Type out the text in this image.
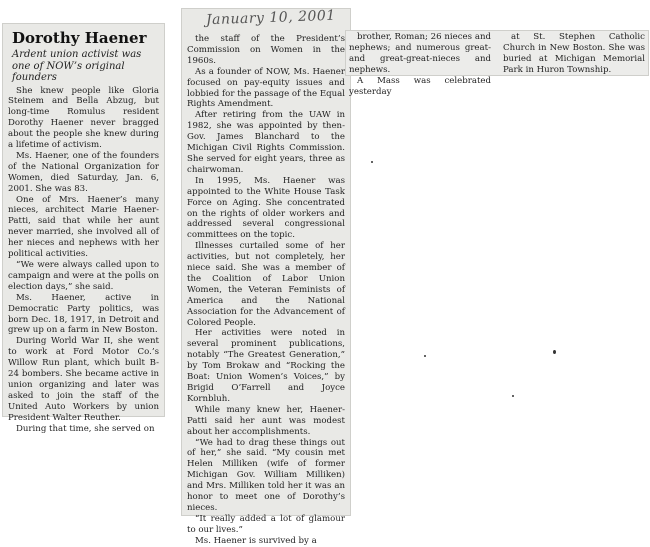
Dorothy Haener
Ardent union activist was one of NOW’s original founders

She knew people like Gloria Steinem and Bella Abzug, but long-time Romulus resident Dorothy Haener never bragged about the people she knew during a lifetime of activism.

Ms. Haener, one of the founders of the National Organization for Women, died Saturday, Jan. 6, 2001. She was 83.

One of Mrs. Haener’s many nieces, architect Marie Haener-Patti, said that while her aunt never married, she involved all of her nieces and nephews with her political activities.

“We were always called upon to campaign and were at the polls on election days,” she said.

Ms. Haener, active in Democratic Party politics, was born Dec. 18, 1917, in Detroit and grew up on a farm in New Boston.

During World War II, she went to work at Ford Motor Co.’s Willow Run plant, which built B-24 bombers. She became active in union organizing and later was asked to join the staff of the United Auto Workers by union President Walter Reuther.

During that time, she served on

the staff of the President’s Commission on Women in the 1960s.

As a founder of NOW, Ms. Haener focused on pay-equity issues and lobbied for the passage of the Equal Rights Amendment.

After retiring from the UAW in 1982, she was appointed by then-Gov. James Blanchard to the Michigan Civil Rights Commission. She served for eight years, three as chairwoman.

In 1995, Ms. Haener was appointed to the White House Task Force on Aging. She concentrated on the rights of older workers and addressed several congressional committees on the topic.

Illnesses curtailed some of her activities, but not completely, her niece said. She was a member of the Coalition of Labor Union Women, the Veteran Feminists of America and the National Association for the Advancement of Colored People.

Her activities were noted in several prominent publications, notably “The Greatest Generation,” by Tom Brokaw and “Rocking the Boat: Union Women’s Voices,” by Brigid O’Farrell and Joyce Kornbluh.

While many knew her, Haener-Patti said her aunt was modest about her accomplishments.

“We had to drag these things out of her,” she said. “My cousin met Helen Milliken (wife of former Michigan Gov. William Milliken) and Mrs. Milliken told her it was an honor to meet one of Dorothy’s nieces.

“It really added a lot of glamour to our lives.”

Ms. Haener is survived by a

January 10, 2001

brother, Roman; 26 nieces and nephews; and numerous great- and great-great-nieces and nephews.

A Mass was celebrated yesterday

at St. Stephen Catholic Church in New Boston. She was buried at Michigan Memorial Park in Huron Township.
